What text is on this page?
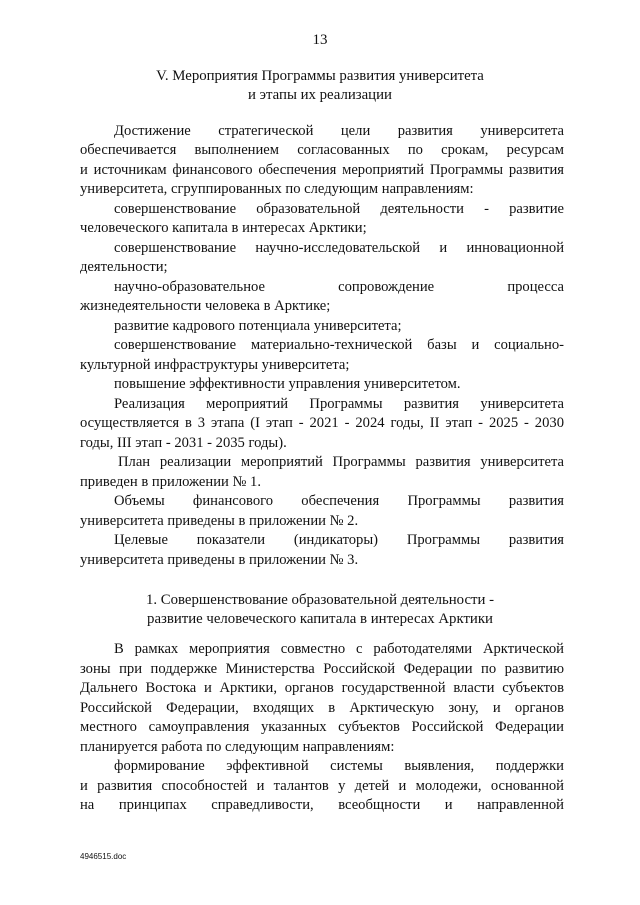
13
V. Мероприятия Программы развития университета
и этапы их реализации
Достижение стратегической цели развития университета
обеспечивается выполнением согласованных по срокам, ресурсам
и источникам финансового обеспечения мероприятий Программы развития
университета, сгруппированных по следующим направлениям:
совершенствование образовательной деятельности - развитие
человеческого капитала в интересах Арктики;
совершенствование научно-исследовательской и инновационной
деятельности;
научно-образовательное сопровождение процесса
жизнедеятельности человека в Арктике;
развитие кадрового потенциала университета;
совершенствование материально-технической базы и социально-
культурной инфраструктуры университета;
повышение эффективности управления университетом.
Реализация мероприятий Программы развития университета
осуществляется в 3 этапа (I этап - 2021 - 2024 годы, II этап - 2025 - 2030
годы, III этап - 2031 - 2035 годы).
План реализации мероприятий Программы развития университета
приведен в приложении № 1.
Объемы финансового обеспечения Программы развития
университета приведены в приложении № 2.
Целевые показатели (индикаторы) Программы развития
университета приведены в приложении № 3.
1. Совершенствование образовательной деятельности -
развитие человеческого капитала в интересах Арктики
В рамках мероприятия совместно с работодателями Арктической
зоны при поддержке Министерства Российской Федерации по развитию
Дальнего Востока и Арктики, органов государственной власти субъектов
Российской Федерации, входящих в Арктическую зону, и органов
местного самоуправления указанных субъектов Российской Федерации
планируется работа по следующим направлениям:
формирование эффективной системы выявления, поддержки
и развития способностей и талантов у детей и молодежи, основанной
на принципах справедливости, всеобщности и направленной
4946515.doc
